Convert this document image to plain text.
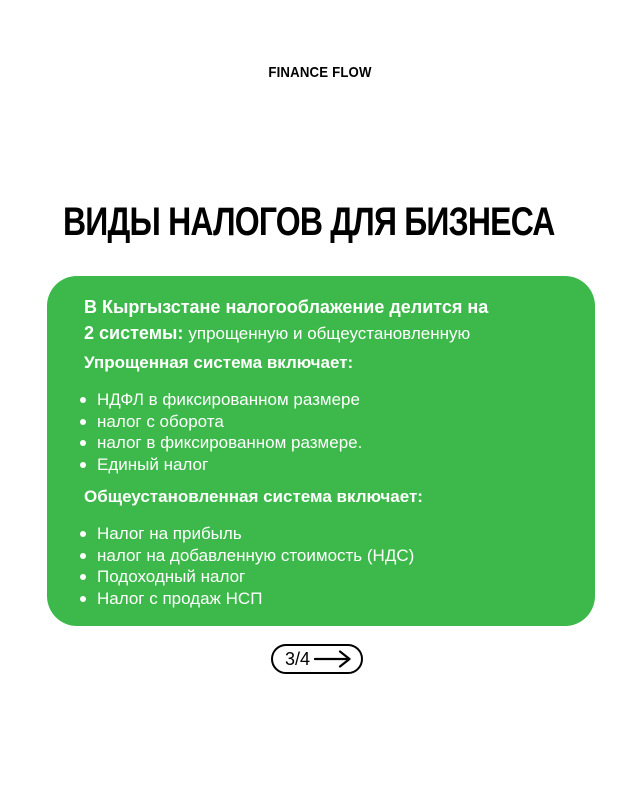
FINANCE FLOW
ВИДЫ НАЛОГОВ ДЛЯ БИЗНЕСА

В Кыргызстане налогооблажение делится на
2 системы: упрощенную и общеустановленную

Упрощенная система включает:

НДФЛ в фиксированном размере
налог с оборота
налог в фиксированном размере.
Единый налог

Общеустановленная система включает:

Налог на прибыль
налог на добавленную стоимость (НДС)
Подоходный налог
Налог с продаж НСП
3/4
